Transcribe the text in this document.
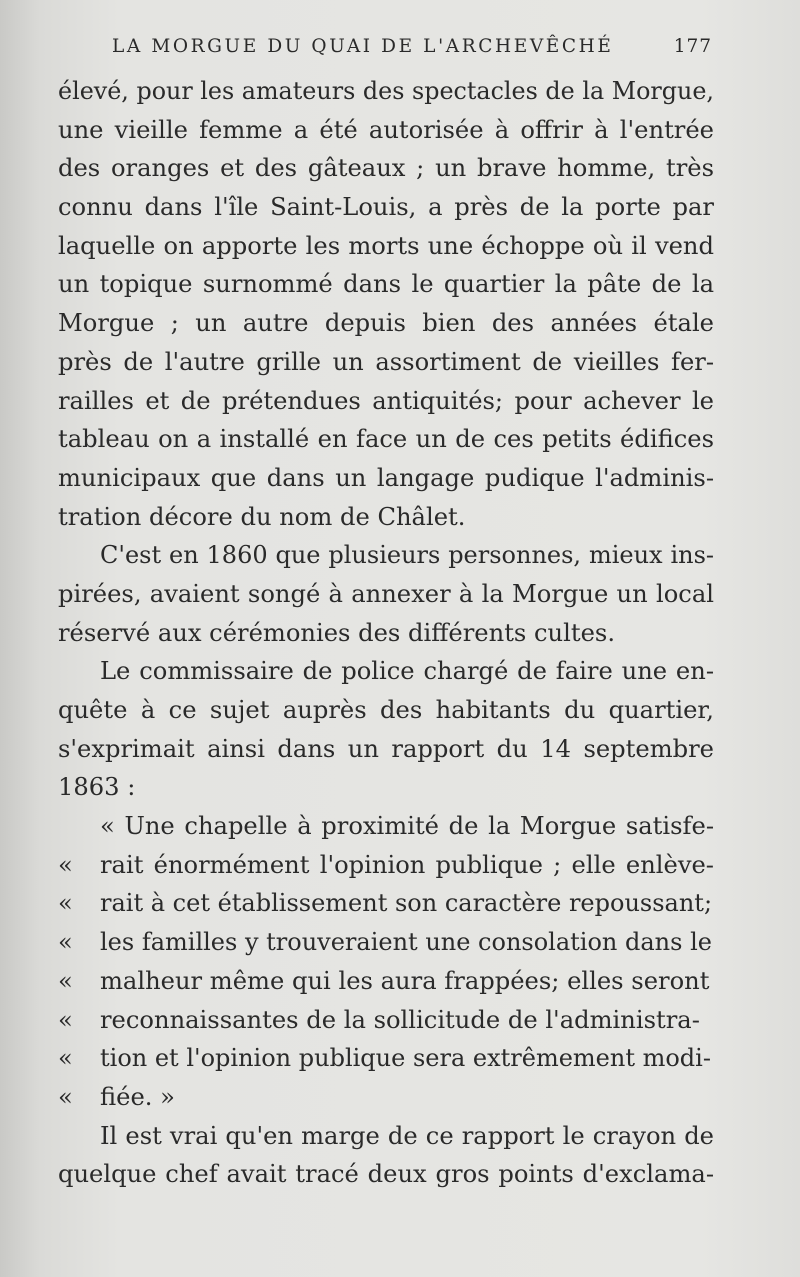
LA MORGUE DU QUAI DE L'ARCHEVÊCHÉ	177
élevé, pour les amateurs des spectacles de la Morgue,
une vieille femme a été autorisée à offrir à l'entrée
des oranges et des gâteaux ; un brave homme, très
connu dans l'île Saint-Louis, a près de la porte par
laquelle on apporte les morts une échoppe où il vend
un topique surnommé dans le quartier la pâte de la
Morgue ; un autre depuis bien des années étale
près de l'autre grille un assortiment de vieilles fer-
railles et de prétendues antiquités; pour achever le
tableau on a installé en face un de ces petits édifices
municipaux que dans un langage pudique l'adminis-
tration décore du nom de Châlet.
C'est en 1860 que plusieurs personnes, mieux ins-
pirées, avaient songé à annexer à la Morgue un local
réservé aux cérémonies des différents cultes.
Le commissaire de police chargé de faire une en-
quête à ce sujet auprès des habitants du quartier,
s'exprimait ainsi dans un rapport du 14 septembre
1863 :
« Une chapelle à proximité de la Morgue satisfe-
« rait énormément l'opinion publique ; elle enlève-
« rait à cet établissement son caractère repoussant;
« les familles y trouveraient une consolation dans le
« malheur même qui les aura frappées; elles seront
« reconnaissantes de la sollicitude de l'administra-
« tion et l'opinion publique sera extrêmement modi-
« fiée. »
Il est vrai qu'en marge de ce rapport le crayon de
quelque chef avait tracé deux gros points d'exclama-
